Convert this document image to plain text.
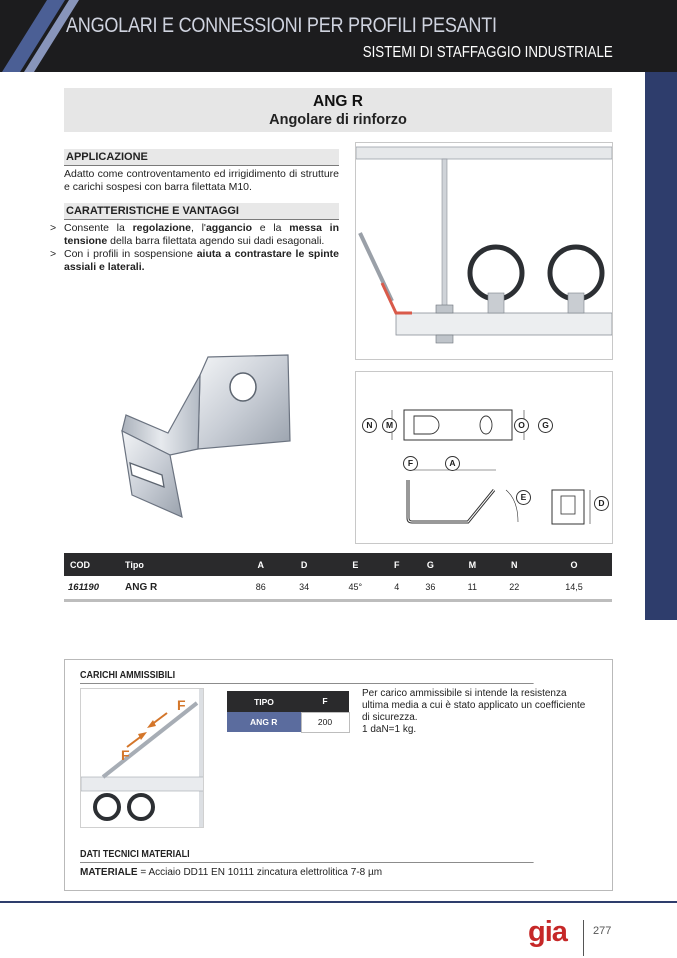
ANGOLARI E CONNESSIONI PER PROFILI PESANTI
SISTEMI DI STAFFAGGIO INDUSTRIALE
ANG R
Angolare di rinforzo
APPLICAZIONE
Adatto come controventamento ed irrigidimento di strutture e carichi sospesi con barra filettata M10.
CARATTERISTICHE E VANTAGGI
> Consente la regolazione, l'aggancio e la messa in tensione della barra filettata agendo sui dadi esagonali.
> Con i profili in sospensione aiuta a contrastare le spinte assiali e laterali.
N	M	O	G
F	A
E
D
COD	Tipo	A	D	E	F	G	M	N	O
161190	ANG R	86	34	45°	4	36	11	22	14,5
CARICHI AMMISSIBILI
F
F
TIPO	F
ANG R	200
Per carico ammissibile si intende la resistenza ultima media a cui è stato applicato un coefficiente di sicurezza.
1 daN=1 kg.
DATI TECNICI MATERIALI
MATERIALE = Acciaio DD11 EN 10111 zincatura elettrolitica 7-8 µm
gia 277
